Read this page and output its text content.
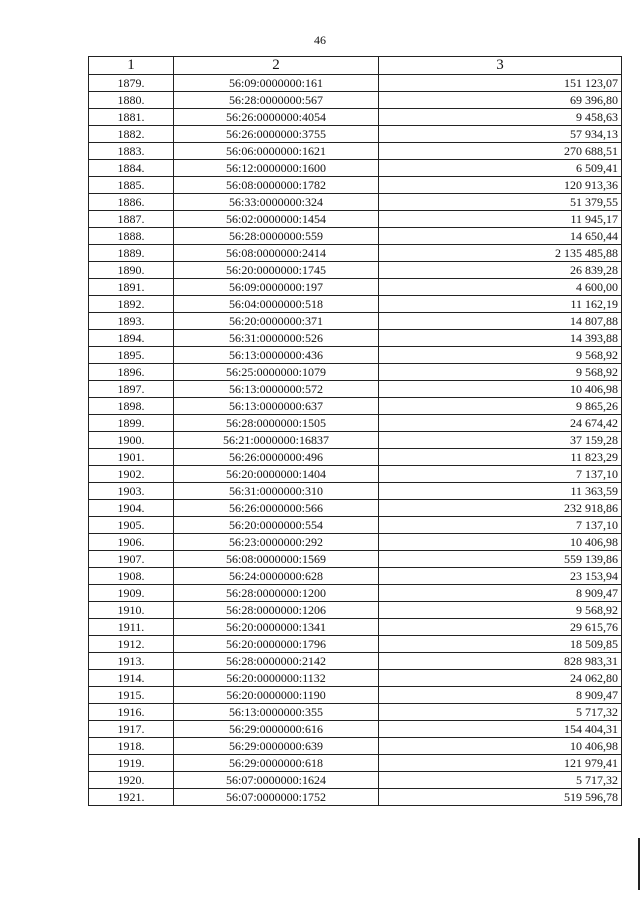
46
1	2	3
1879.	56:09:0000000:161	151 123,07
1880.	56:28:0000000:567	69 396,80
1881.	56:26:0000000:4054	9 458,63
1882.	56:26:0000000:3755	57 934,13
1883.	56:06:0000000:1621	270 688,51
1884.	56:12:0000000:1600	6 509,41
1885.	56:08:0000000:1782	120 913,36
1886.	56:33:0000000:324	51 379,55
1887.	56:02:0000000:1454	11 945,17
1888.	56:28:0000000:559	14 650,44
1889.	56:08:0000000:2414	2 135 485,88
1890.	56:20:0000000:1745	26 839,28
1891.	56:09:0000000:197	4 600,00
1892.	56:04:0000000:518	11 162,19
1893.	56:20:0000000:371	14 807,88
1894.	56:31:0000000:526	14 393,88
1895.	56:13:0000000:436	9 568,92
1896.	56:25:0000000:1079	9 568,92
1897.	56:13:0000000:572	10 406,98
1898.	56:13:0000000:637	9 865,26
1899.	56:28:0000000:1505	24 674,42
1900.	56:21:0000000:16837	37 159,28
1901.	56:26:0000000:496	11 823,29
1902.	56:20:0000000:1404	7 137,10
1903.	56:31:0000000:310	11 363,59
1904.	56:26:0000000:566	232 918,86
1905.	56:20:0000000:554	7 137,10
1906.	56:23:0000000:292	10 406,98
1907.	56:08:0000000:1569	559 139,86
1908.	56:24:0000000:628	23 153,94
1909.	56:28:0000000:1200	8 909,47
1910.	56:28:0000000:1206	9 568,92
1911.	56:20:0000000:1341	29 615,76
1912.	56:20:0000000:1796	18 509,85
1913.	56:28:0000000:2142	828 983,31
1914.	56:20:0000000:1132	24 062,80
1915.	56:20:0000000:1190	8 909,47
1916.	56:13:0000000:355	5 717,32
1917.	56:29:0000000:616	154 404,31
1918.	56:29:0000000:639	10 406,98
1919.	56:29:0000000:618	121 979,41
1920.	56:07:0000000:1624	5 717,32
1921.	56:07:0000000:1752	519 596,78
